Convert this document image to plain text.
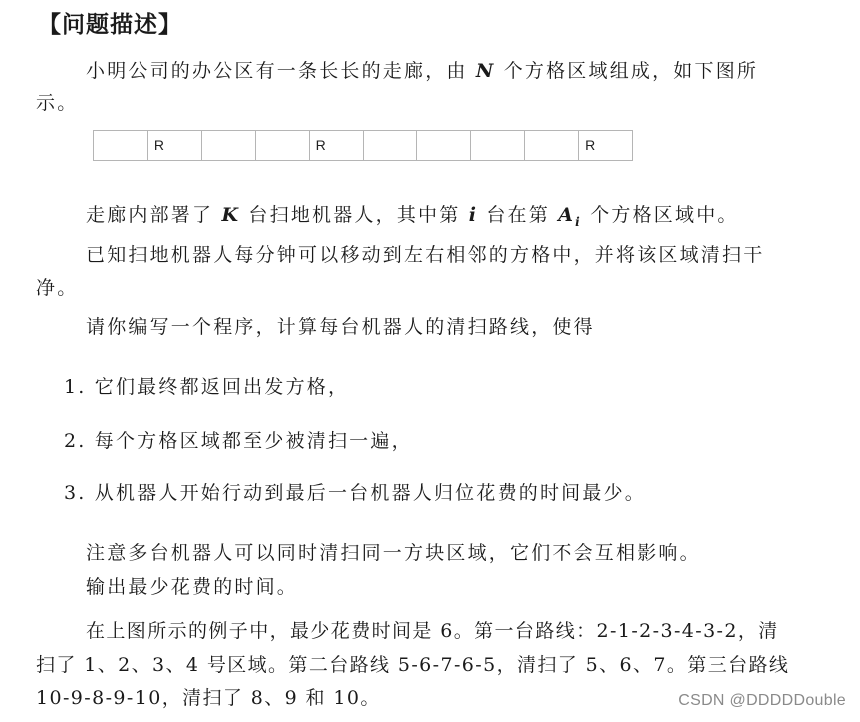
【问题描述】
小明公司的办公区有一条长长的走廊，由 N 个方格区域组成，如下图所
示。
R	R	R
走廊内部署了 K 台扫地机器人，其中第 i 台在第 $A_i$ 个方格区域中。
已知扫地机器人每分钟可以移动到左右相邻的方格中，并将该区域清扫干
净。
请你编写一个程序，计算每台机器人的清扫路线，使得
1. 它们最终都返回出发方格，
2. 每个方格区域都至少被清扫一遍，
3. 从机器人开始行动到最后一台机器人归位花费的时间最少。
注意多台机器人可以同时清扫同一方块区域，它们不会互相影响。
输出最少花费的时间。
在上图所示的例子中，最少花费时间是 6。第一台路线：2-1-2-3-4-3-2，清
扫了 1、2、3、4 号区域。第二台路线 5-6-7-6-5，清扫了 5、6、7。第三台路线
10-9-8-9-10，清扫了 8、9 和 10。	CSDN @DDDDDouble
